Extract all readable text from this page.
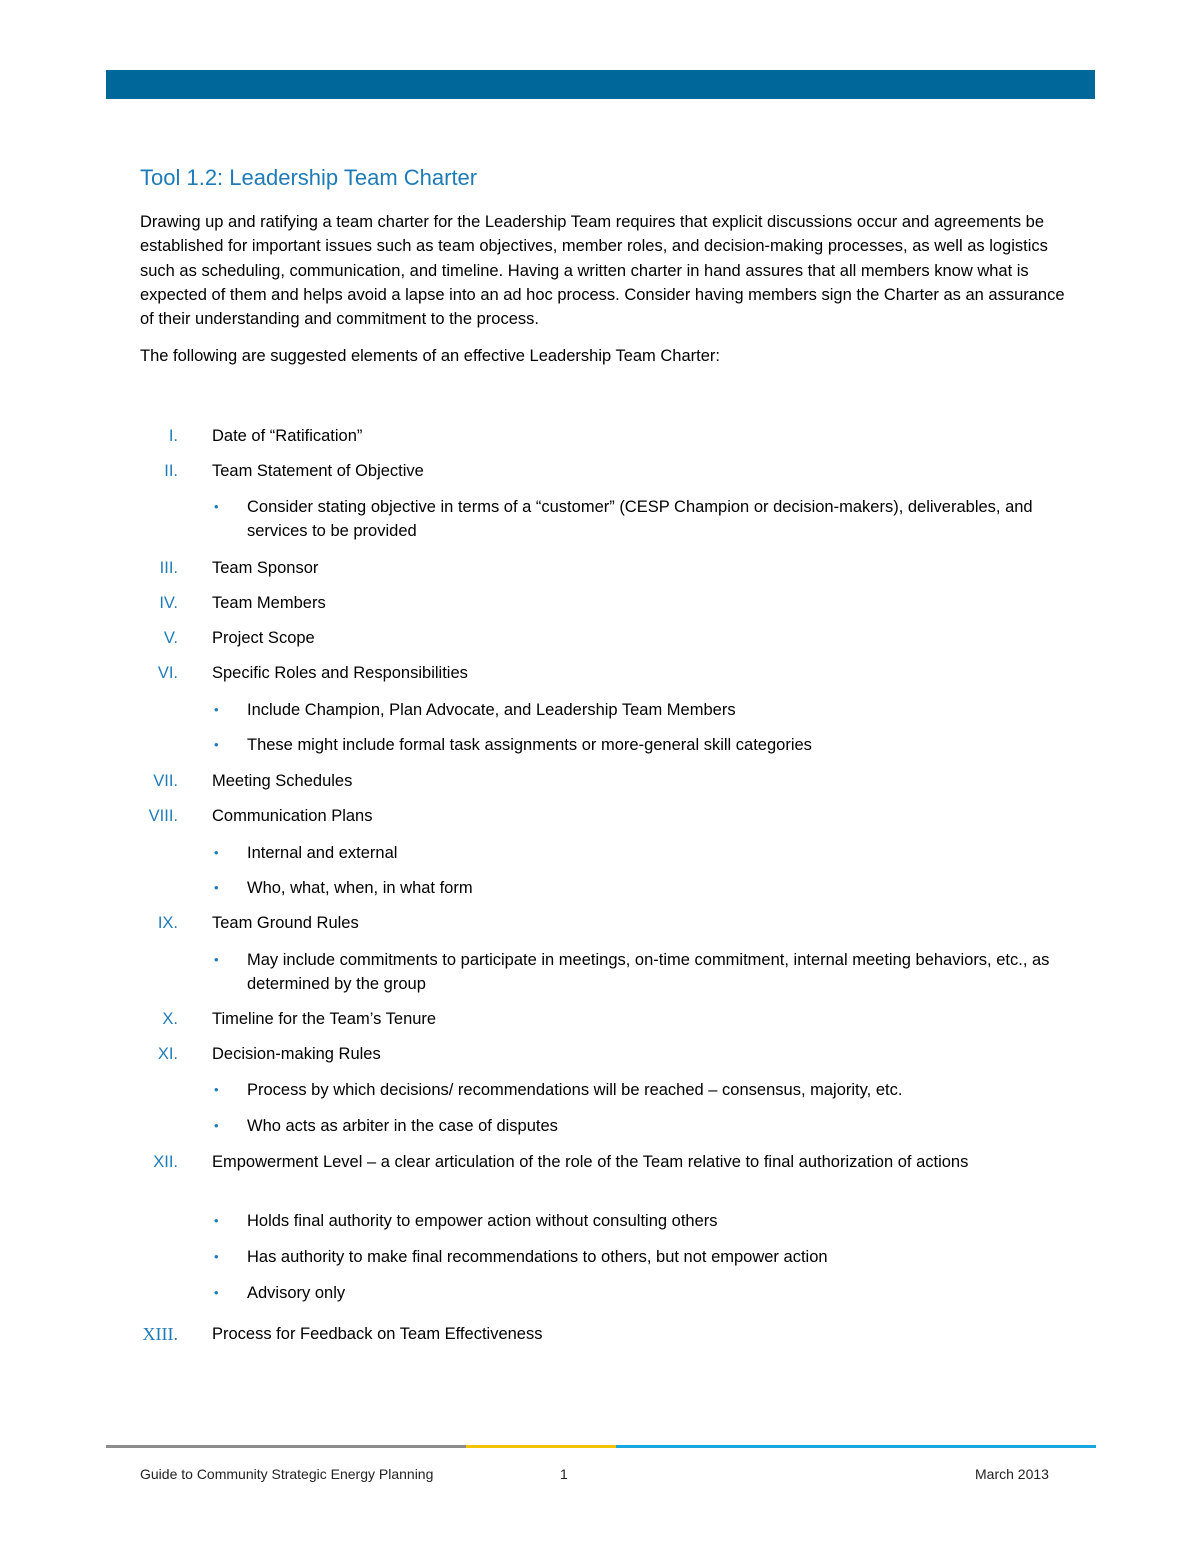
Tool 1.2: Leadership Team Charter

Drawing up and ratifying a team charter for the Leadership Team requires that explicit discussions occur and agreements be established for important issues such as team objectives, member roles, and decision-making processes, as well as logistics such as scheduling, communication, and timeline. Having a written charter in hand assures that all members know what is expected of them and helps avoid a lapse into an ad hoc process. Consider having members sign the Charter as an assurance of their understanding and commitment to the process.

The following are suggested elements of an effective Leadership Team Charter:

I. Date of “Ratification”
II. Team Statement of Objective
• Consider stating objective in terms of a “customer” (CESP Champion or decision-makers), deliverables, and services to be provided
III. Team Sponsor
IV. Team Members
V. Project Scope
VI. Specific Roles and Responsibilities
• Include Champion, Plan Advocate, and Leadership Team Members
• These might include formal task assignments or more-general skill categories
VII. Meeting Schedules
VIII. Communication Plans
• Internal and external
• Who, what, when, in what form
IX. Team Ground Rules
• May include commitments to participate in meetings, on-time commitment, internal meeting behaviors, etc., as determined by the group
X. Timeline for the Team’s Tenure
XI. Decision-making Rules
• Process by which decisions/ recommendations will be reached – consensus, majority, etc.
• Who acts as arbiter in the case of disputes
XII. Empowerment Level – a clear articulation of the role of the Team relative to final authorization of actions
• Holds final authority to empower action without consulting others
• Has authority to make final recommendations to others, but not empower action
• Advisory only
XIII. Process for Feedback on Team Effectiveness
Guide to Community Strategic Energy Planning	1	March 2013
